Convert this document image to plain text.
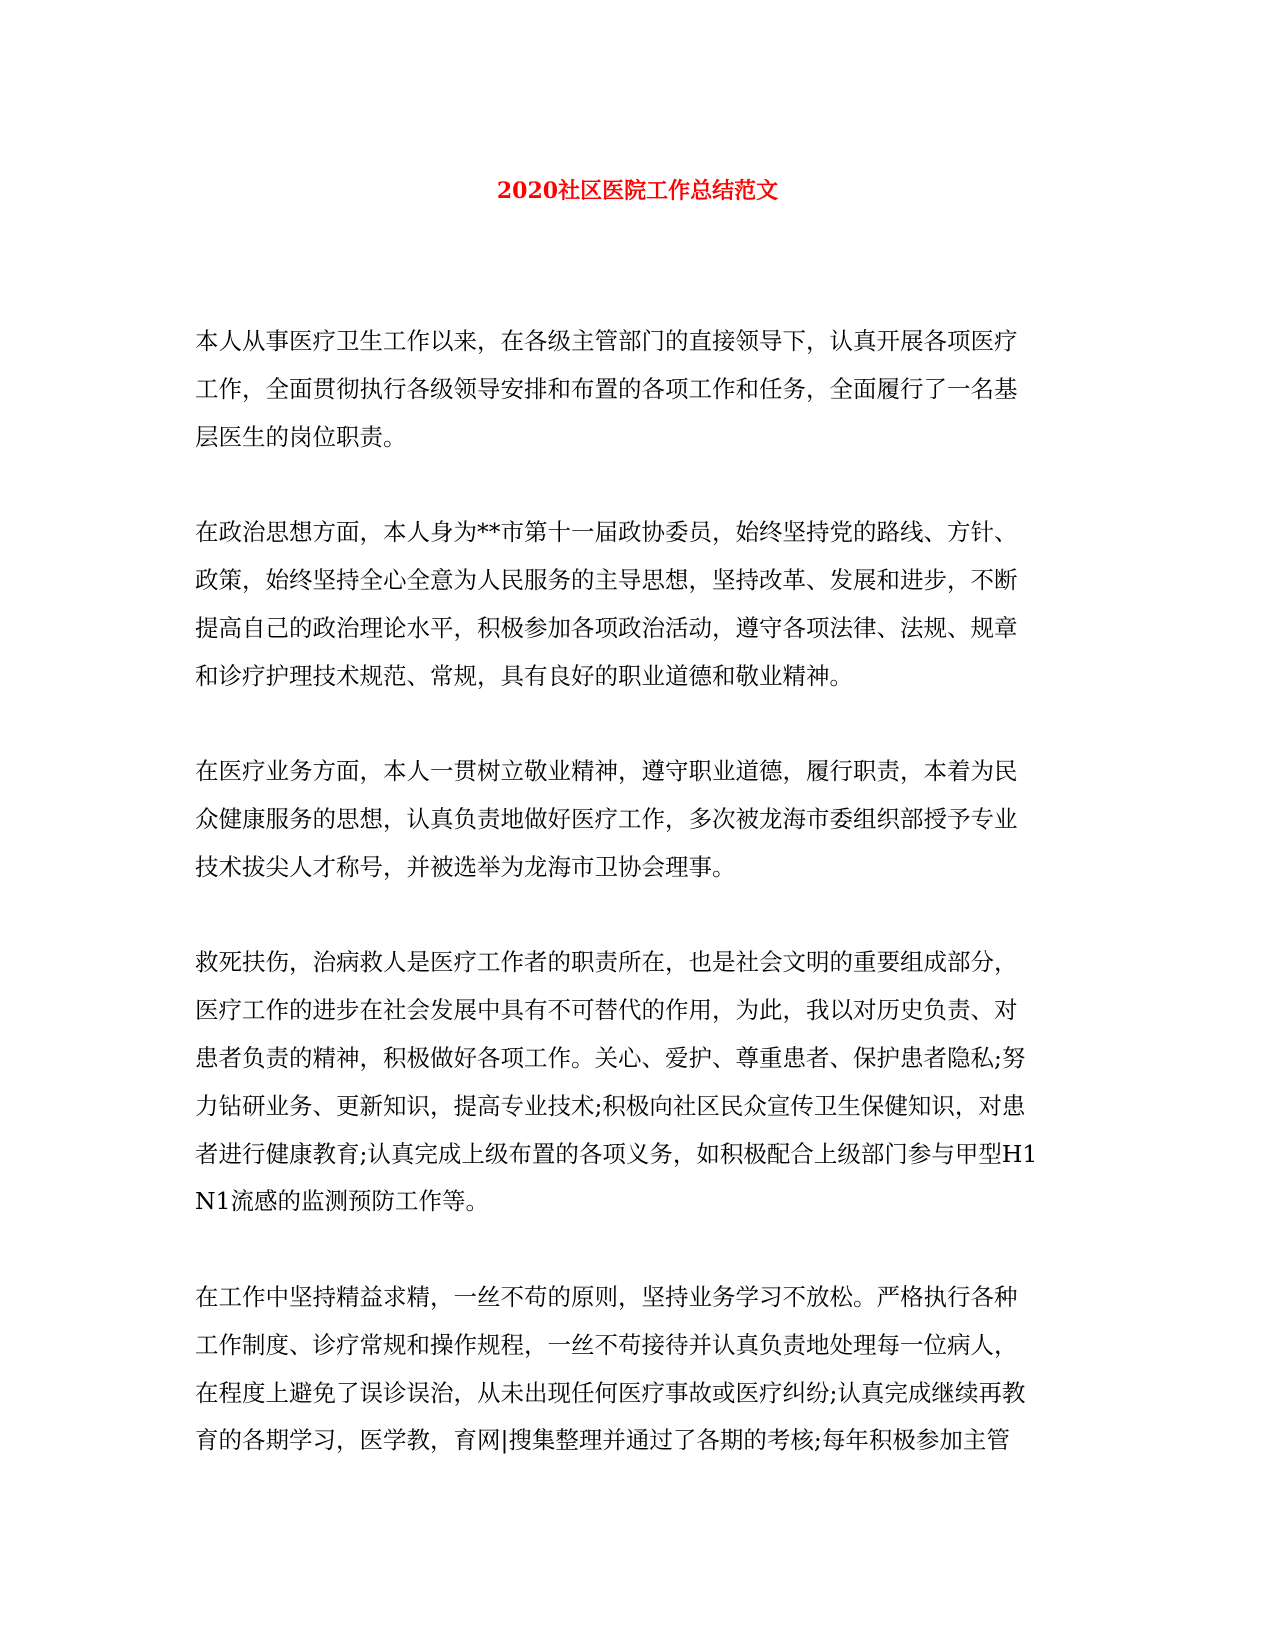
2020社区医院工作总结范文

本人从事医疗卫生工作以来，在各级主管部门的直接领导下，认真开展各项医疗
工作，全面贯彻执行各级领导安排和布置的各项工作和任务，全面履行了一名基
层医生的岗位职责。

在政治思想方面，本人身为**市第十一届政协委员，始终坚持党的路线、方针、
政策，始终坚持全心全意为人民服务的主导思想，坚持改革、发展和进步，不断
提高自己的政治理论水平，积极参加各项政治活动，遵守各项法律、法规、规章
和诊疗护理技术规范、常规，具有良好的职业道德和敬业精神。

在医疗业务方面，本人一贯树立敬业精神，遵守职业道德，履行职责，本着为民
众健康服务的思想，认真负责地做好医疗工作，多次被龙海市委组织部授予专业
技术拔尖人才称号，并被选举为龙海市卫协会理事。

救死扶伤，治病救人是医疗工作者的职责所在，也是社会文明的重要组成部分，
医疗工作的进步在社会发展中具有不可替代的作用，为此，我以对历史负责、对
患者负责的精神，积极做好各项工作。关心、爱护、尊重患者、保护患者隐私;努
力钻研业务、更新知识，提高专业技术;积极向社区民众宣传卫生保健知识，对患
者进行健康教育;认真完成上级布置的各项义务，如积极配合上级部门参与甲型H1
N1流感的监测预防工作等。

在工作中坚持精益求精，一丝不苟的原则，坚持业务学习不放松。严格执行各种
工作制度、诊疗常规和操作规程，一丝不苟接待并认真负责地处理每一位病人，
在程度上避免了误诊误治，从未出现任何医疗事故或医疗纠纷;认真完成继续再教
育的各期学习，医学教，育网|搜集整理并通过了各期的考核;每年积极参加主管
